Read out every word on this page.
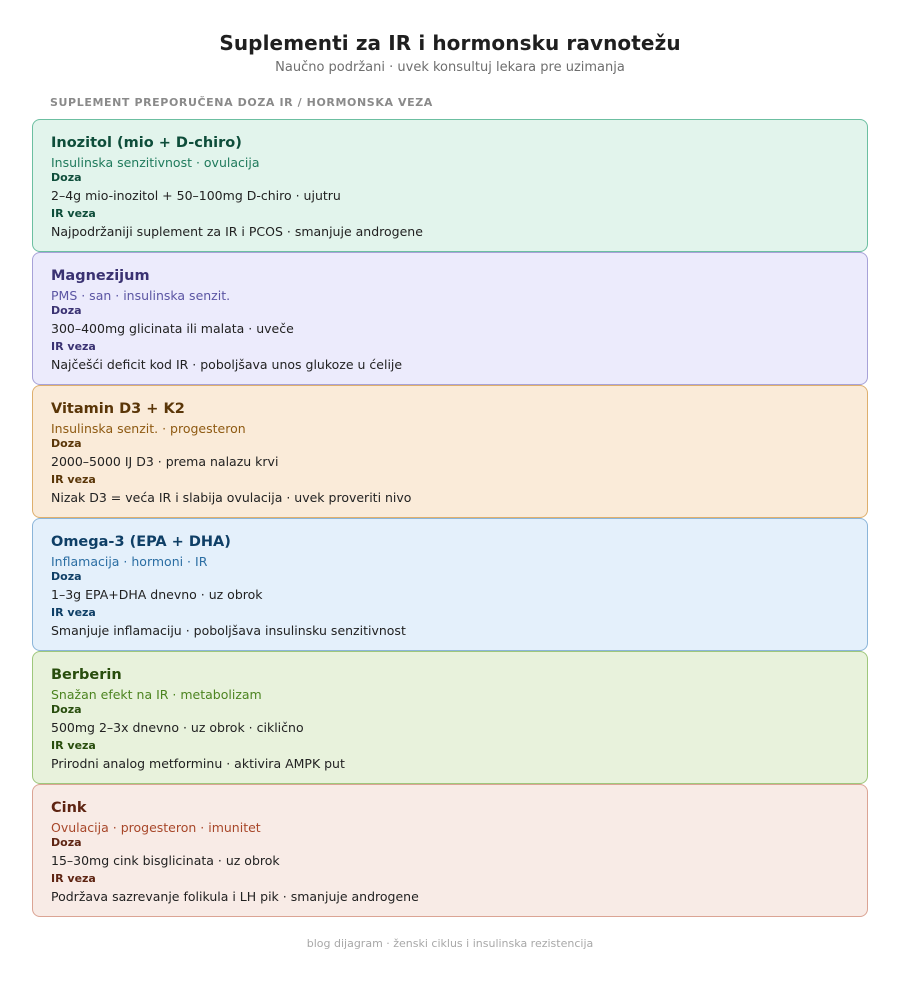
Suplementi za IR i hormonsku ravnotežu
Naučno podržani · uvek konsultuj lekara pre uzimanja
SUPLEMENT PREPORUČENA DOZA IR / HORMONSKA VEZA
Inozitol (mio + D-chiro)
Insulinska senzitivnost · ovulacija
Doza
2–4g mio-inozitol + 50–100mg D-chiro · ujutru
IR veza
Najpodržaniji suplement za IR i PCOS · smanjuje androgene
Magnezijum
PMS · san · insulinska senzit.
Doza
300–400mg glicinata ili malata · uveče
IR veza
Najčešći deficit kod IR · poboljšava unos glukoze u ćelije
Vitamin D3 + K2
Insulinska senzit. · progesteron
Doza
2000–5000 IJ D3 · prema nalazu krvi
IR veza
Nizak D3 = veća IR i slabija ovulacija · uvek proveriti nivo
Omega-3 (EPA + DHA)
Inflamacija · hormoni · IR
Doza
1–3g EPA+DHA dnevno · uz obrok
IR veza
Smanjuje inflamaciju · poboljšava insulinsku senzitivnost
Berberin
Snažan efekt na IR · metabolizam
Doza
500mg 2–3x dnevno · uz obrok · ciklično
IR veza
Prirodni analog metforminu · aktivira AMPK put
Cink
Ovulacija · progesteron · imunitet
Doza
15–30mg cink bisglicinata · uz obrok
IR veza
Podržava sazrevanje folikula i LH pik · smanjuje androgene
blog dijagram · ženski ciklus i insulinska rezistencija
